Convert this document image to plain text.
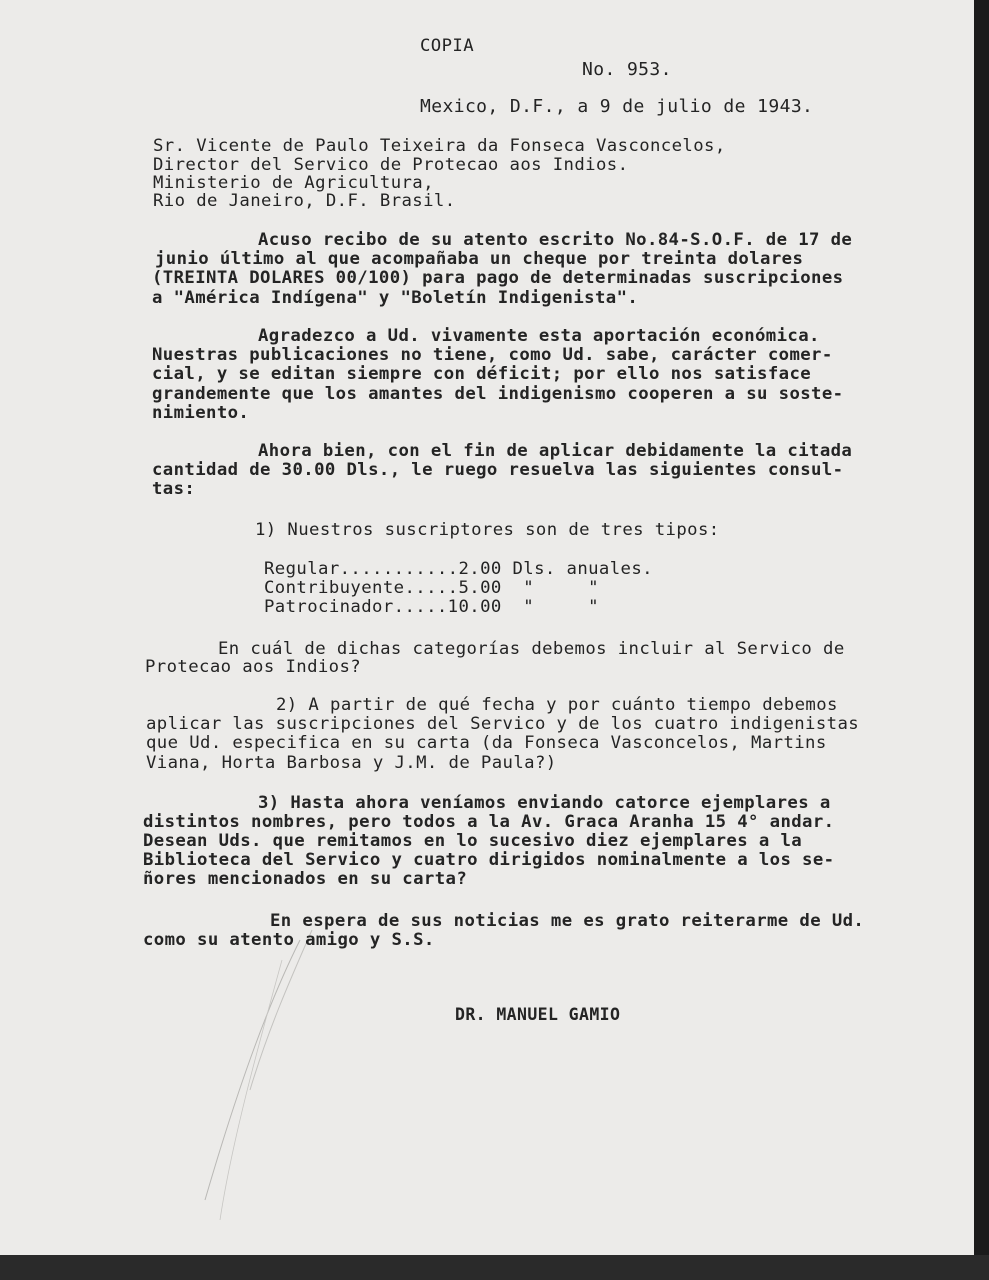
COPIA
No. 953.
Mexico, D.F., a 9 de julio de 1943.
Sr. Vicente de Paulo Teixeira da Fonseca Vasconcelos,
Director del Servico de Protecao aos Indios.
Ministerio de Agricultura,
Rio de Janeiro, D.F. Brasil.
Acuso recibo de su atento escrito No.84-S.O.F. de 17 de
junio último al que acompañaba un cheque por treinta dolares
(TREINTA DOLARES 00/100) para pago de determinadas suscripciones
a "América Indígena" y "Boletín Indigenista".
Agradezco a Ud. vivamente esta aportación económica.
Nuestras publicaciones no tiene, como Ud. sabe, carácter comer-
cial, y se editan siempre con déficit; por ello nos satisface
grandemente que los amantes del indigenismo cooperen a su soste-
nimiento.
Ahora bien, con el fin de aplicar debidamente la citada
cantidad de 30.00 Dls., le ruego resuelva las siguientes consul-
tas:
1) Nuestros suscriptores son de tres tipos:
Regular...........2.00 Dls. anuales.
Contribuyente.....5.00  "     "
Patrocinador.....10.00  "     "
En cuál de dichas categorías debemos incluir al Servico de
Protecao aos Indios?
2) A partir de qué fecha y por cuánto tiempo debemos
aplicar las suscripciones del Servico y de los cuatro indigenistas
que Ud. especifica en su carta (da Fonseca Vasconcelos, Martins
Viana, Horta Barbosa y J.M. de Paula?)
3) Hasta ahora veníamos enviando catorce ejemplares a
distintos nombres, pero todos a la Av. Graca Aranha 15 4° andar.
Desean Uds. que remitamos en lo sucesivo diez ejemplares a la
Biblioteca del Servico y cuatro dirigidos nominalmente a los se-
ñores mencionados en su carta?
En espera de sus noticias me es grato reiterarme de Ud.
como su atento amigo y S.S.
DR. MANUEL GAMIO
